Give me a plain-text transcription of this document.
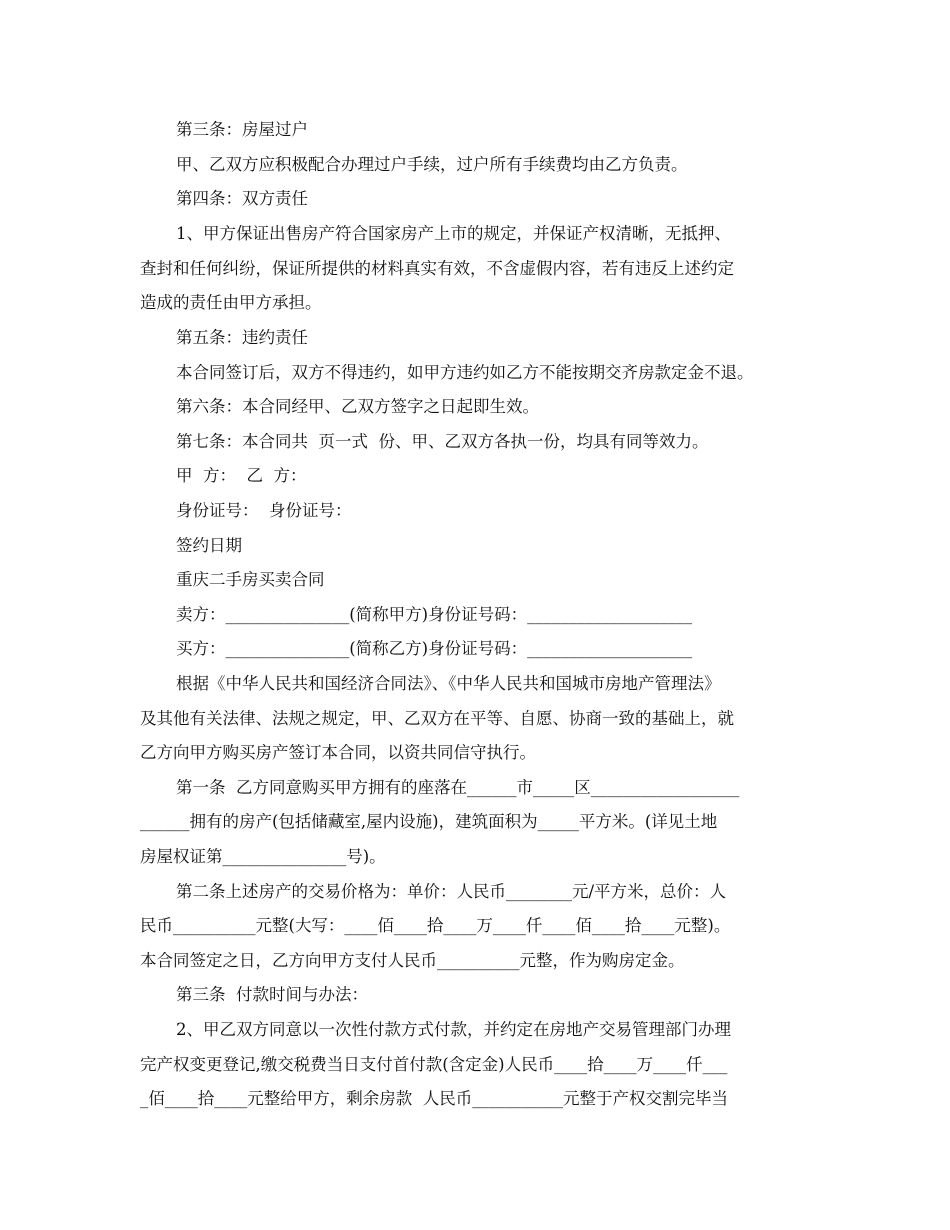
第三条：房屋过户
甲、乙双方应积极配合办理过户手续，过户所有手续费均由乙方负责。
第四条：双方责任
1、甲方保证出售房产符合国家房产上市的规定，并保证产权清晰，无抵押、
查封和任何纠纷，保证所提供的材料真实有效，不含虚假内容，若有违反上述约定
造成的责任由甲方承担。
第五条：违约责任
本合同签订后，双方不得违约，如甲方违约如乙方不能按期交齐房款定金不退。
第六条：本合同经甲、乙双方签字之日起即生效。
第七条：本合同共  页一式  份、甲、乙双方各执一份，均具有同等效力。
甲  方：  乙  方：
身份证号：  身份证号：
签约日期
重庆二手房买卖合同
卖方：_______________(简称甲方)身份证号码：____________________
买方：_______________(简称乙方)身份证号码：____________________
根据《中华人民共和国经济合同法》、《中华人民共和国城市房地产管理法》
及其他有关法律、法规之规定，甲、乙双方在平等、自愿、协商一致的基础上，就
乙方向甲方购买房产签订本合同，以资共同信守执行。
第一条  乙方同意购买甲方拥有的座落在______市_____区__________________
______拥有的房产(包括储藏室,屋内设施)，建筑面积为_____平方米。(详见土地
房屋权证第_______________号)。
第二条上述房产的交易价格为：单价：人民币________元/平方米，总价：人
民币__________元整(大写：____佰____拾____万____仟____佰____拾____元整)。
本合同签定之日，乙方向甲方支付人民币__________元整，作为购房定金。
第三条  付款时间与办法：
2、甲乙双方同意以一次性付款方式付款，并约定在房地产交易管理部门办理
完产权变更登记,缴交税费当日支付首付款(含定金)人民币____拾____万____仟___
_佰____拾____元整给甲方，剩余房款  人民币___________元整于产权交割完毕当
